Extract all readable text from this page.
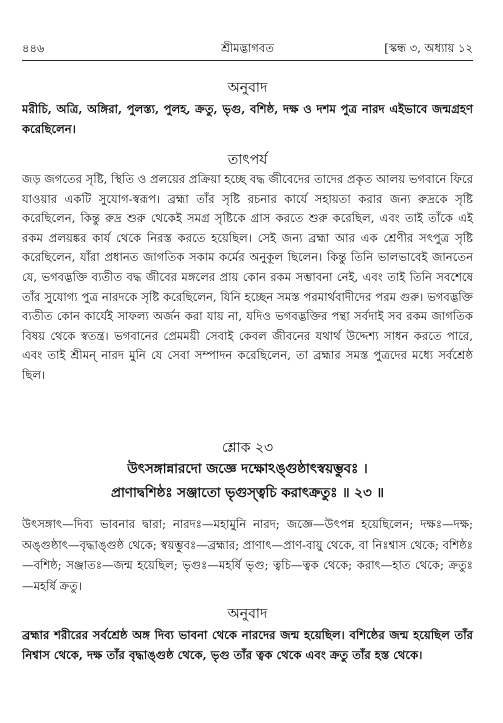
৪৪৬	শ্রীমদ্ভাগবত	[স্কন্ধ ৩, অধ্যায় ১২
অনুবাদ
মরীচি, অত্রি, অঙ্গিরা, পুলস্ত্য, পুলহ, ক্রতু, ভৃগু, বশিষ্ঠ, দক্ষ ও দশম পুত্র নারদ এইভাবে জন্মগ্রহণ করেছিলেন।
তাৎপর্য
জড় জগতের সৃষ্টি, স্থিতি ও প্রলয়ের প্রক্রিয়া হচ্ছে বদ্ধ জীবেদের তাদের প্রকৃত আলয় ভগবানে ফিরে যাওয়ার একটি সুযোগ-স্বরূপ। ব্রহ্মা তাঁর সৃষ্টি রচনার কার্যে সহায়তা করার জন্য রুদ্রকে সৃষ্টি করেছিলেন, কিন্তু রুদ্র শুরু থেকেই সমগ্র সৃষ্টিকে গ্রাস করতে শুরু করেছিল, এবং তাই তাঁকে এই রকম প্রলয়ঙ্কর কার্য থেকে নিরস্ত করতে হয়েছিল। সেই জন্য ব্রহ্মা আর এক শ্রেণীর সৎপুত্র সৃষ্টি করেছিলেন, যাঁরা প্রধানত জাগতিক সকাম কর্মের অনুকূল ছিলেন। কিন্তু তিনি ভালভাবেই জানতেন যে, ভগবদ্ভক্তি ব্যতীত বদ্ধ জীবের মঙ্গলের প্রায় কোন রকম সম্ভাবনা নেই, এবং তাই তিনি সবশেষে তাঁর সুযোগ্য পুত্র নারদকে সৃষ্টি করেছিলেন, যিনি হচ্ছেন সমস্ত পরমার্থবাদীদের পরম গুরু। ভগবদ্ভক্তি ব্যতীত কোন কার্যেই সাফল্য অর্জন করা যায় না, যদিও ভগবদ্ভক্তির পন্থা সর্বদাই সব রকম জাগতিক বিষয় থেকে স্বতন্ত্র। ভগবানের প্রেমময়ী সেবাই কেবল জীবনের যথার্থ উদ্দেশ্য সাধন করতে পারে, এবং তাই শ্রীমন্ নারদ মুনি যে সেবা সম্পাদন করেছিলেন, তা ব্রহ্মার সমস্ত পুত্রদের মধ্যে সর্বশ্রেষ্ঠ ছিল।
শ্লোক ২৩
উৎসঙ্গান্নারদো জজ্ঞে দক্ষোঽঙ্গুষ্ঠাৎস্বয়ম্ভুবঃ ।
প্রাণাদ্বশিষ্ঠঃ সঞ্জাতো ভৃগুস্ত্বচি করাৎক্রতুঃ ॥ ২৩ ॥
উৎসঙ্গাৎ—দিব্য ভাবনার দ্বারা; নারদঃ—মহামুনি নারদ; জজ্ঞে—উৎপন্ন হয়েছিলেন; দক্ষঃ—দক্ষ; অঙ্গুষ্ঠাৎ—বৃদ্ধাঙ্গুষ্ঠ থেকে; স্বয়ম্ভুবঃ—ব্রহ্মার; প্রাণাৎ—প্রাণ-বায়ু থেকে, বা নিঃশ্বাস থেকে; বশিষ্ঠঃ—বশিষ্ঠ; সঞ্জাতঃ—জন্ম হয়েছিল; ভৃগুঃ—মহর্ষি ভৃগু; ত্বচি—ত্বক থেকে; করাৎ—হাত থেকে; ক্রতুঃ—মহর্ষি ক্রতু।
অনুবাদ
ব্রহ্মার শরীরের সর্বশ্রেষ্ঠ অঙ্গ দিব্য ভাবনা থেকে নারদের জন্ম হয়েছিল। বশিষ্ঠের জন্ম হয়েছিল তাঁর নিশ্বাস থেকে, দক্ষ তাঁর বৃদ্ধাঙ্গুষ্ঠ থেকে, ভৃগু তাঁর ত্বক থেকে এবং ক্রতু তাঁর হস্ত থেকে।
